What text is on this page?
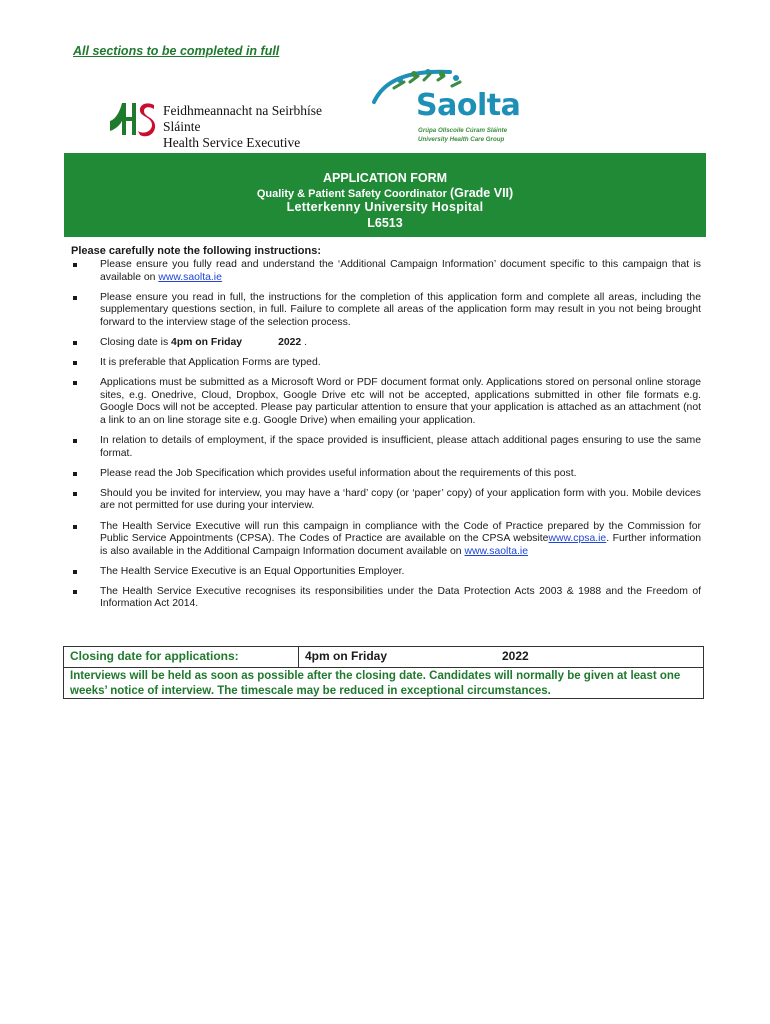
All sections to be completed in full
Feidhmeannacht na Seirbhíse Sláinte
Health Service Executive
Saolta
Grúpa Ollscoile Cúram Sláinte
University Health Care Group
APPLICATION FORM
Quality & Patient Safety Coordinator (Grade VII)
Letterkenny University Hospital
L6513
Please carefully note the following instructions:
Please ensure you fully read and understand the ‘Additional Campaign Information’ document specific to this campaign that is available on www.saolta.ie
Please ensure you read in full, the instructions for the completion of this application form and complete all areas, including the supplementary questions section, in full. Failure to complete all areas of the application form may result in you not being brought forward to the interview stage of the selection process.
Closing date is 4pm on Friday	2022 .
It is preferable that Application Forms are typed.
Applications must be submitted as a Microsoft Word or PDF document format only. Applications stored on personal online storage sites, e.g. Onedrive, Cloud, Dropbox, Google Drive etc will not be accepted, applications submitted in other file formats e.g. Google Docs will not be accepted. Please pay particular attention to ensure that your application is attached as an attachment (not a link to an on line storage site e.g. Google Drive) when emailing your application.
In relation to details of employment, if the space provided is insufficient, please attach additional pages ensuring to use the same format.
Please read the Job Specification which provides useful information about the requirements of this post.
Should you be invited for interview, you may have a ‘hard’ copy (or ‘paper’ copy) of your application form with you. Mobile devices are not permitted for use during your interview.
The Health Service Executive will run this campaign in compliance with the Code of Practice prepared by the Commission for Public Service Appointments (CPSA). The Codes of Practice are available on the CPSA websitewww.cpsa.ie. Further information is also available in the Additional Campaign Information document available on www.saolta.ie
The Health Service Executive is an Equal Opportunities Employer.
The Health Service Executive recognises its responsibilities under the Data Protection Acts 2003 & 1988 and the Freedom of Information Act 2014.
Closing date for applications:	4pm on Friday	2022
Interviews will be held as soon as possible after the closing date. Candidates will normally be given at least one weeks’ notice of interview. The timescale may be reduced in exceptional circumstances.
